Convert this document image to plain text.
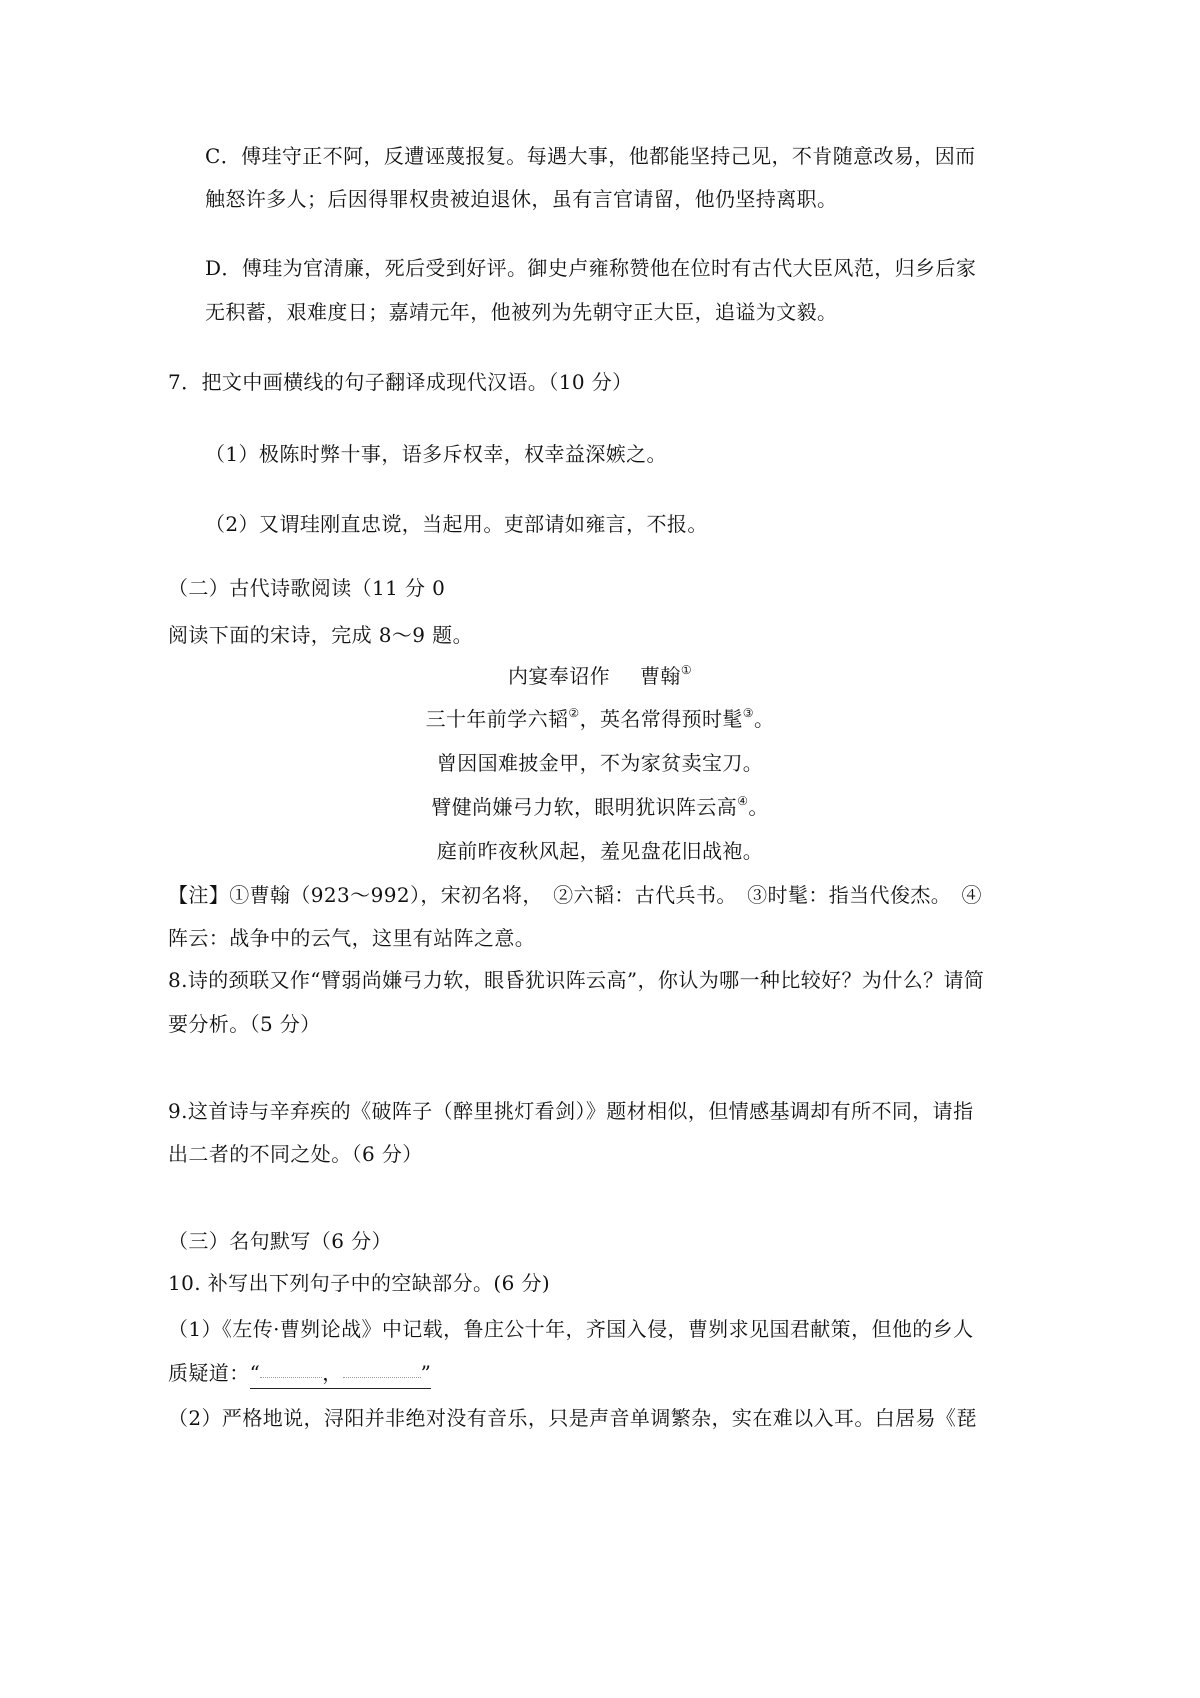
C．傅珪守正不阿，反遭诬蔑报复。每遇大事，他都能坚持己见，不肯随意改易，因而
触怒许多人；后因得罪权贵被迫退休，虽有言官请留，他仍坚持离职。
D．傅珪为官清廉，死后受到好评。御史卢雍称赞他在位时有古代大臣风范，归乡后家
无积蓄，艰难度日；嘉靖元年，他被列为先朝守正大臣，追谥为文毅。
7．把文中画横线的句子翻译成现代汉语。（10 分）
（1）极陈时弊十事，语多斥权幸，权幸益深嫉之。
（2）又谓珪刚直忠谠，当起用。吏部请如雍言，不报。
（二）古代诗歌阅读（11 分 0
阅读下面的宋诗，完成 8～9 题。
内宴奉诏作 曹翰①
三十年前学六韬②，英名常得预时髦③。
曾因国难披金甲，不为家贫卖宝刀。
臂健尚嫌弓力软，眼明犹识阵云高④。
庭前昨夜秋风起，羞见盘花旧战袍。
【注】①曹翰（923～992），宋初名将，　②六韬：古代兵书。　③时髦：指当代俊杰。　④
阵云：战争中的云气，这里有站阵之意。
8.诗的颈联又作“臂弱尚嫌弓力软，眼昏犹识阵云高”，你认为哪一种比较好？为什么？请简
要分析。（5 分）
9.这首诗与辛弃疾的《破阵子（醉里挑灯看剑）》题材相似，但情感基调却有所不同，请指
出二者的不同之处。（6 分）
（三）名句默写（6 分）
10. 补写出下列句子中的空缺部分。(6 分)
（1）《左传·曹刿论战》中记载，鲁庄公十年，齐国入侵，曹刿求见国君献策，但他的乡人
质疑道：“	，	”
（2）严格地说，浔阳并非绝对没有音乐，只是声音单调繁杂，实在难以入耳。白居易《琵
